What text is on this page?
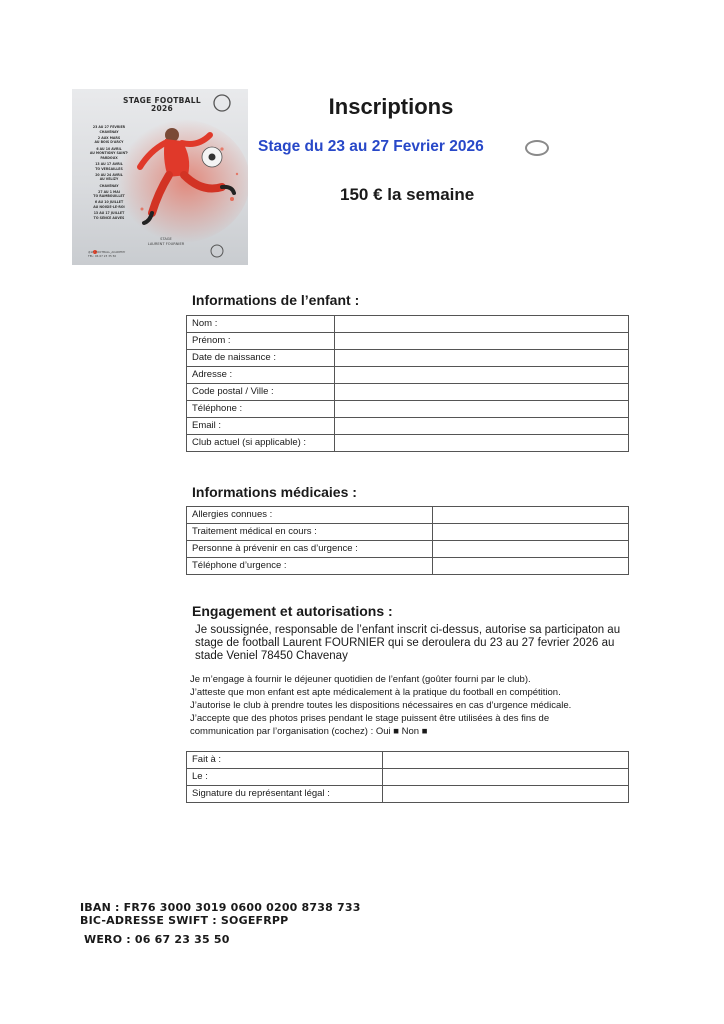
STAGE FOOTBALL
2026
23 AU 27 FEVRIER
CHAVENAY
2 AUX MARS
AU BOIS D'ARCY
6 AU 10 AVRIL
AU MONTIGNY SAINT-PARDOUX
13 AU 17 AVRIL
TO VERSAILLES
20 AU 24 AVRIL
AU VELIZY
CHAVENAY
27 AU 1 MAI
TO RAMBOUILLET
6 AU 10 JUILLET
AU NOISIE-LE-ROI
13 AU 17 JUILLET
TO SENCE AUVES
STAGE
LAURENT FOURNIER
@LF_FOOTBALL_ACADEMY
TEL: 06 67 23 35 50
Inscriptions
Stage du 23 au 27 Fevrier 2026
150 € la semaine
Informations de l’enfant :
Nom :	
Prénom :	
Date de naissance :	
Adresse :	
Code postal / Ville :	
Téléphone :	
Email :	
Club actuel (si applicable) :	
Informations médicaies :
Allergies connues :	
Traitement médical en cours :	
Personne à prévenir en cas d’urgence :	
Téléphone d’urgence :	
Engagement et autorisations :
Je soussignée, responsable de l’enfant inscrit ci-dessus, autorise sa participaton au
stage de football Laurent FOURNIER qui se deroulera du 23 au 27 fevrier 2026 au
stade Veniel 78450 Chavenay
Je m’engage à fournir le déjeuner quotidien de l’enfant (goûter fourni par le club).
J’atteste que mon enfant est apte médicalement à la pratique du football en compétition.
J’autorise le club à prendre toutes les dispositions nécessaires en cas d’urgence médicale.
J’accepte que des photos prises pendant le stage puissent être utilisées à des fins de
communication par l’organisation (cochez) : Oui ■ Non ■
Fait à :	
Le :	
Signature du représentant légal :	
IBAN : FR76 3000 3019 0600 0200 8738 733
BIC-ADRESSE SWIFT : SOGEFRPP
WERO : 06 67 23 35 50
